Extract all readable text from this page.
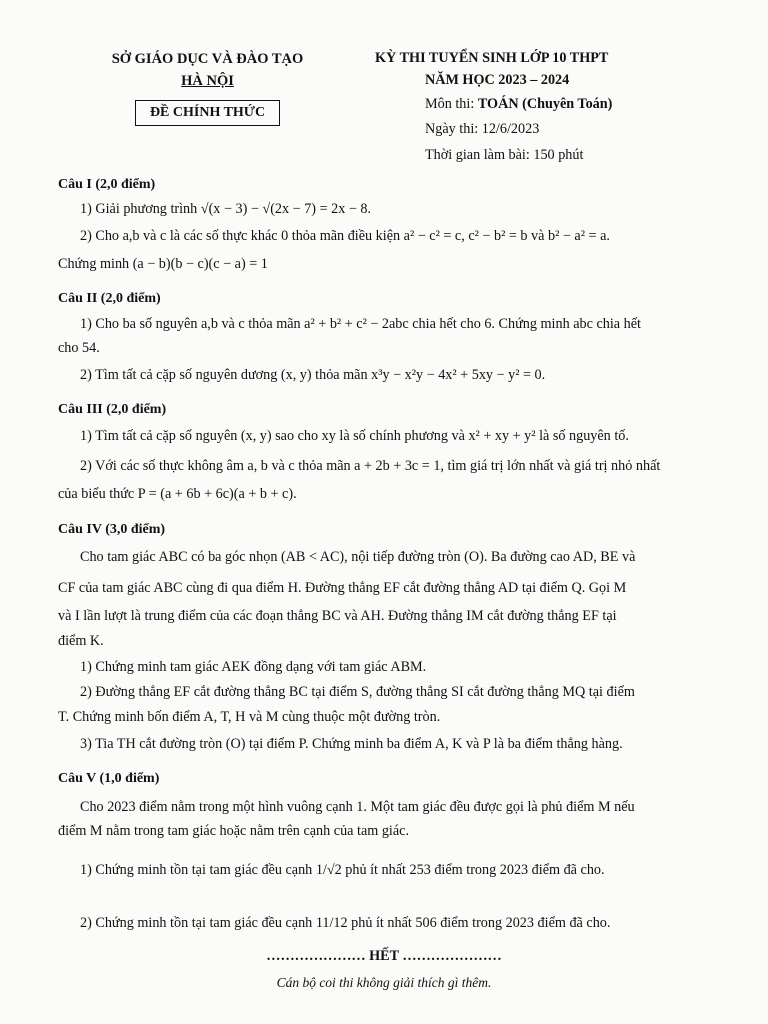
SỞ GIÁO DỤC VÀ ĐÀO TẠO
HÀ NỘI
ĐỀ CHÍNH THỨC
KỲ THI TUYỂN SINH LỚP 10 THPT
NĂM HỌC 2023 – 2024
Môn thi: TOÁN (Chuyên Toán)
Ngày thi: 12/6/2023
Thời gian làm bài: 150 phút
Câu I (2,0 điểm)
1) Giải phương trình √(x − 3) − √(2x − 7) = 2x − 8.
2) Cho a,b và c là các số thực khác 0 thỏa mãn điều kiện a² − c² = c, c² − b² = b và b² − a² = a.
Chứng minh (a − b)(b − c)(c − a) = 1
Câu II (2,0 điểm)
1) Cho ba số nguyên a,b và c thỏa mãn a² + b² + c² − 2abc chia hết cho 6. Chứng minh abc chia hết
cho 54.
2) Tìm tất cả cặp số nguyên dương (x, y) thỏa mãn x³y − x²y − 4x² + 5xy − y² = 0.
Câu III (2,0 điểm)
1) Tìm tất cả cặp số nguyên (x, y) sao cho xy là số chính phương và x² + xy + y² là số nguyên tố.
2) Với các số thực không âm a, b và c thỏa mãn a + 2b + 3c = 1, tìm giá trị lớn nhất và giá trị nhỏ nhất
của biểu thức P = (a + 6b + 6c)(a + b + c).
Câu IV (3,0 điểm)
Cho tam giác ABC có ba góc nhọn (AB < AC), nội tiếp đường tròn (O). Ba đường cao AD, BE và
CF của tam giác ABC cùng đi qua điểm H. Đường thẳng EF cắt đường thẳng AD tại điểm Q. Gọi M
và I lần lượt là trung điểm của các đoạn thẳng BC và AH. Đường thẳng IM cắt đường thẳng EF tại
điểm K.
1) Chứng minh tam giác AEK đồng dạng với tam giác ABM.
2) Đường thẳng EF cắt đường thẳng BC tại điểm S, đường thẳng SI cắt đường thẳng MQ tại điểm
T. Chứng minh bốn điểm A, T, H và M cùng thuộc một đường tròn.
3) Tia TH cắt đường tròn (O) tại điểm P. Chứng minh ba điểm A, K và P là ba điểm thẳng hàng.
Câu V (1,0 điểm)
Cho 2023 điểm nằm trong một hình vuông cạnh 1. Một tam giác đều được gọi là phủ điểm M nếu
điểm M nằm trong tam giác hoặc nằm trên cạnh của tam giác.
1) Chứng minh tồn tại tam giác đều cạnh 1/√2 phủ ít nhất 253 điểm trong 2023 điểm đã cho.
2) Chứng minh tồn tại tam giác đều cạnh 11/12 phủ ít nhất 506 điểm trong 2023 điểm đã cho.
………………… HẾT …………………
Cán bộ coi thi không giải thích gì thêm.
